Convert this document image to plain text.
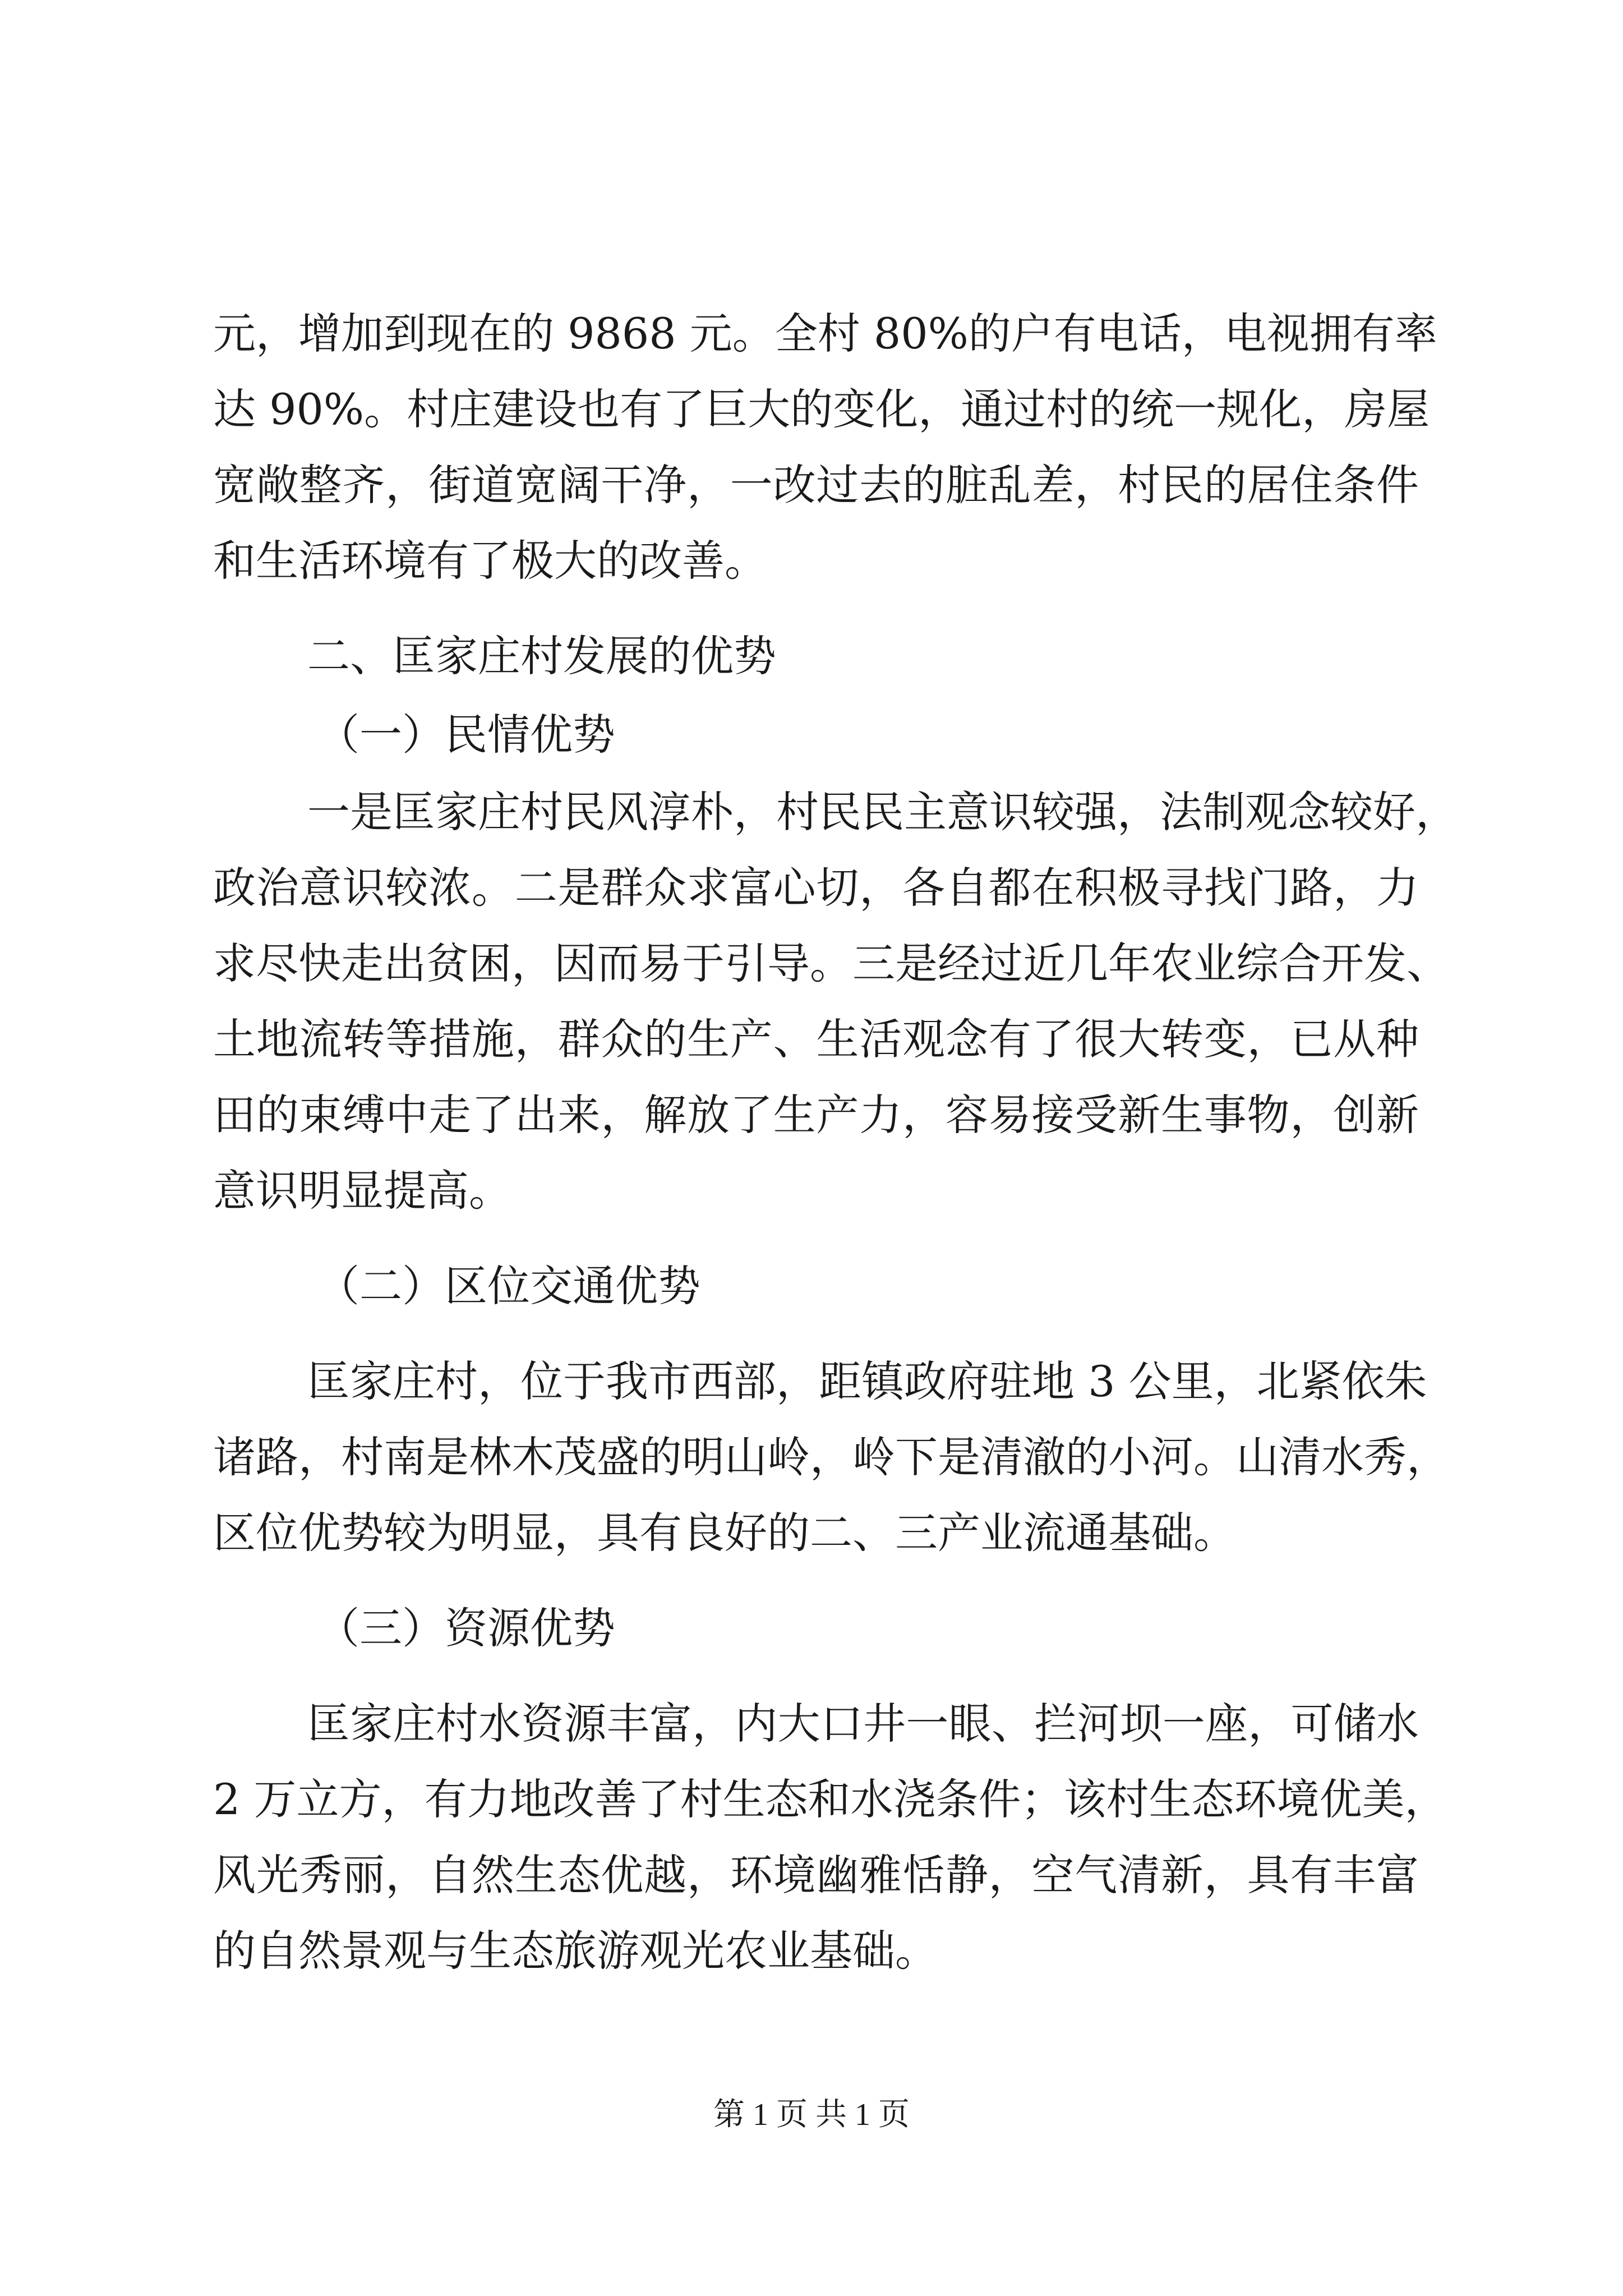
元，增加到现在的 9868 元。全村 80%的户有电话，电视拥有率
达 90%。村庄建设也有了巨大的变化，通过村的统一规化，房屋
宽敞整齐，街道宽阔干净，一改过去的脏乱差，村民的居住条件
和生活环境有了极大的改善。
二、匡家庄村发展的优势
（一）民情优势
一是匡家庄村民风淳朴，村民民主意识较强，法制观念较好，
政治意识较浓。二是群众求富心切，各自都在积极寻找门路，力
求尽快走出贫困，因而易于引导。三是经过近几年农业综合开发、
土地流转等措施，群众的生产、生活观念有了很大转变，已从种
田的束缚中走了出来，解放了生产力，容易接受新生事物，创新
意识明显提高。
（二）区位交通优势
匡家庄村，位于我市西部，距镇政府驻地 3 公里，北紧依朱
诸路，村南是林木茂盛的明山岭，岭下是清澈的小河。山清水秀，
区位优势较为明显，具有良好的二、三产业流通基础。
（三）资源优势
匡家庄村水资源丰富，内大口井一眼、拦河坝一座，可储水
2 万立方，有力地改善了村生态和水浇条件；该村生态环境优美，
风光秀丽，自然生态优越，环境幽雅恬静，空气清新，具有丰富
的自然景观与生态旅游观光农业基础。
第 1 页 共 1 页
